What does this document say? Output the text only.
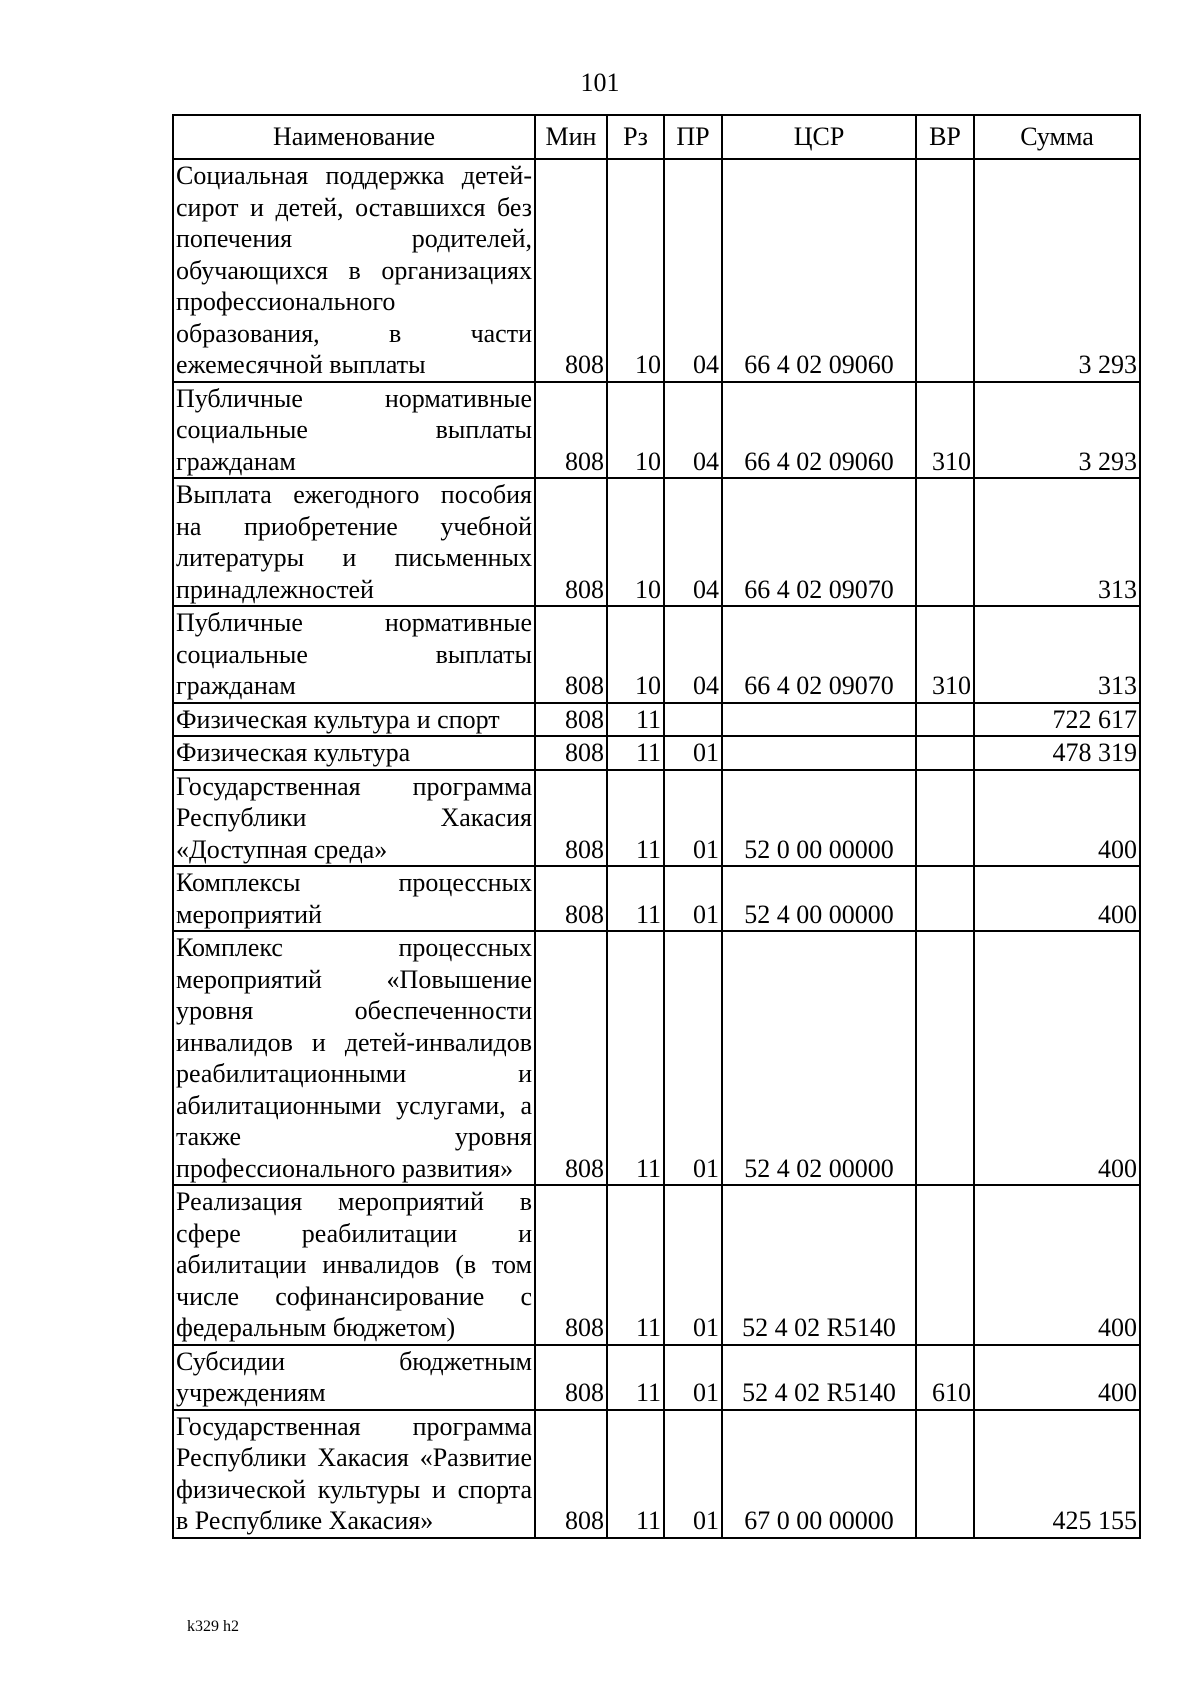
101
Наименование	Мин	Рз	ПР	ЦСР	ВР	Сумма
Социальная поддержка детей-сирот и детей, оставшихся без попечения родителей, обучающихся в организациях профессионального образования, в части ежемесячной выплаты	808	10	04	66 4 02 09060		3 293
Публичные нормативные социальные выплаты гражданам	808	10	04	66 4 02 09060	310	3 293
Выплата ежегодного пособия на приобретение учебной литературы и письменных принадлежностей	808	10	04	66 4 02 09070		313
Публичные нормативные социальные выплаты гражданам	808	10	04	66 4 02 09070	310	313
Физическая культура и спорт	808	11				722 617
Физическая культура	808	11	01			478 319
Государственная программа Республики Хакасия «Доступная среда»	808	11	01	52 0 00 00000		400
Комплексы процессных мероприятий	808	11	01	52 4 00 00000		400
Комплекс процессных мероприятий «Повышение уровня обеспеченности инвалидов и детей-инвалидов реабилитационными и абилитационными услугами, а также уровня профессионального развития»	808	11	01	52 4 02 00000		400
Реализация мероприятий в сфере реабилитации и абилитации инвалидов (в том числе софинансирование с федеральным бюджетом)	808	11	01	52 4 02 R5140		400
Субсидии бюджетным учреждениям	808	11	01	52 4 02 R5140	610	400
Государственная программа Республики Хакасия «Развитие физической культуры и спорта в Республике Хакасия»	808	11	01	67 0 00 00000		425 155
k329 h2
